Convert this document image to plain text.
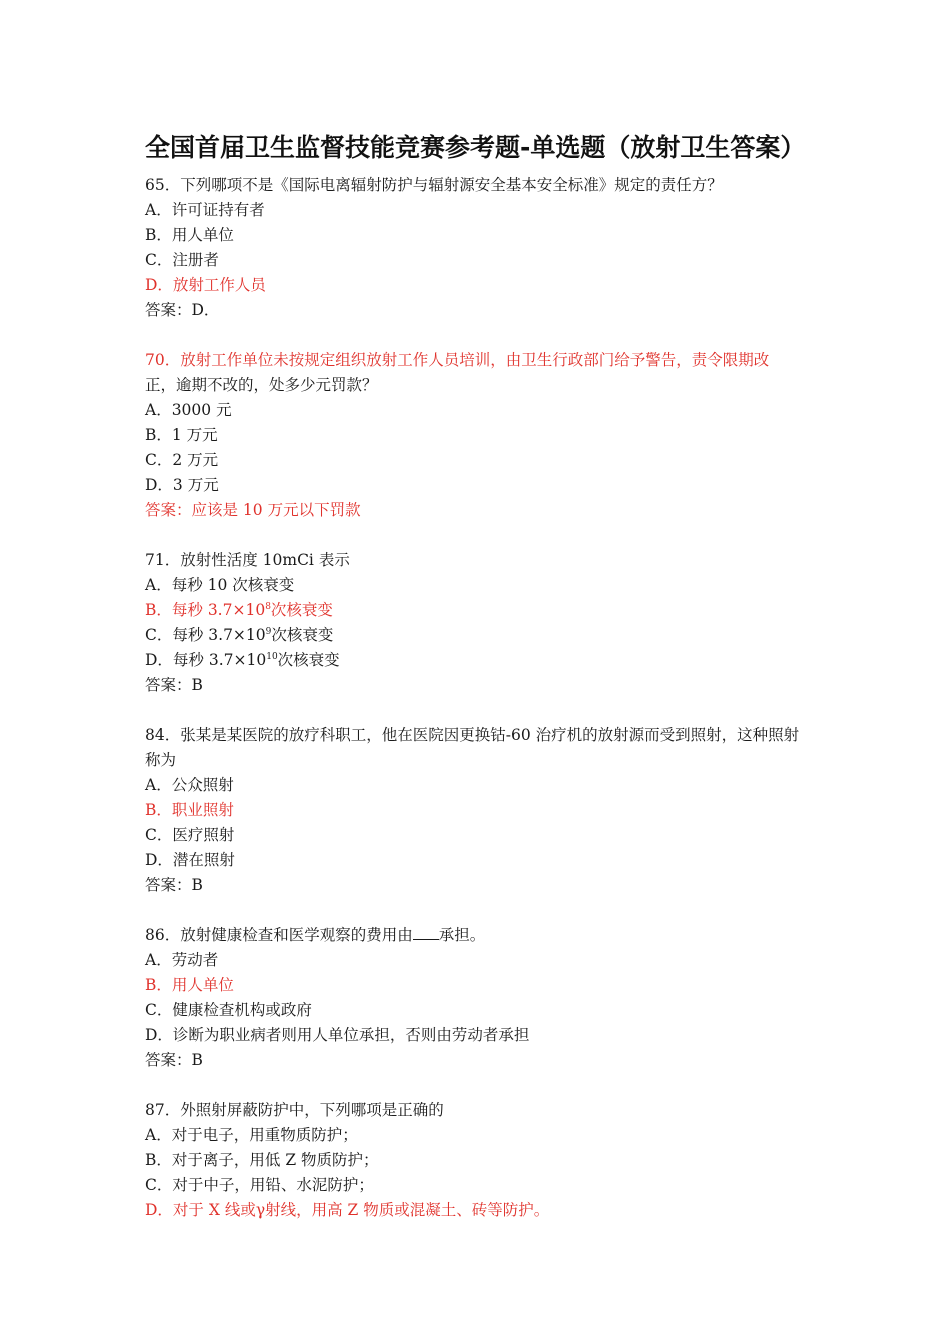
全国首届卫生监督技能竞赛参考题-单选题（放射卫生答案）
65．下列哪项不是《国际电离辐射防护与辐射源安全基本安全标准》规定的责任方？
A．许可证持有者
B．用人单位
C．注册者
D．放射工作人员
答案：D．
70．放射工作单位未按规定组织放射工作人员培训，由卫生行政部门给予警告，责令限期改
正，逾期不改的，处多少元罚款？
A．3000 元
B．1 万元
C．2 万元
D．3 万元
答案：应该是 10 万元以下罚款
71．放射性活度 10mCi 表示
A．每秒 10 次核衰变
B．每秒 $3.7\times 10^8$次核衰变
C．每秒 $3.7\times 10^9$次核衰变
D．每秒 $3.7\times 10^{10}$次核衰变
答案：B
84．张某是某医院的放疗科职工，他在医院因更换钴-60 治疗机的放射源而受到照射，这种照射称为
A．公众照射
B．职业照射
C．医疗照射
D．潜在照射
答案：B
86．放射健康检查和医学观察的费用由 承担。
A．劳动者
B．用人单位
C．健康检查机构或政府
D．诊断为职业病者则用人单位承担，否则由劳动者承担
答案：B
87．外照射屏蔽防护中，下列哪项是正确的
A．对于电子，用重物质防护；
B．对于离子，用低 Z 物质防护；
C．对于中子，用铅、水泥防护；
D．对于 X 线或γ射线，用高 Z 物质或混凝土、砖等防护。
